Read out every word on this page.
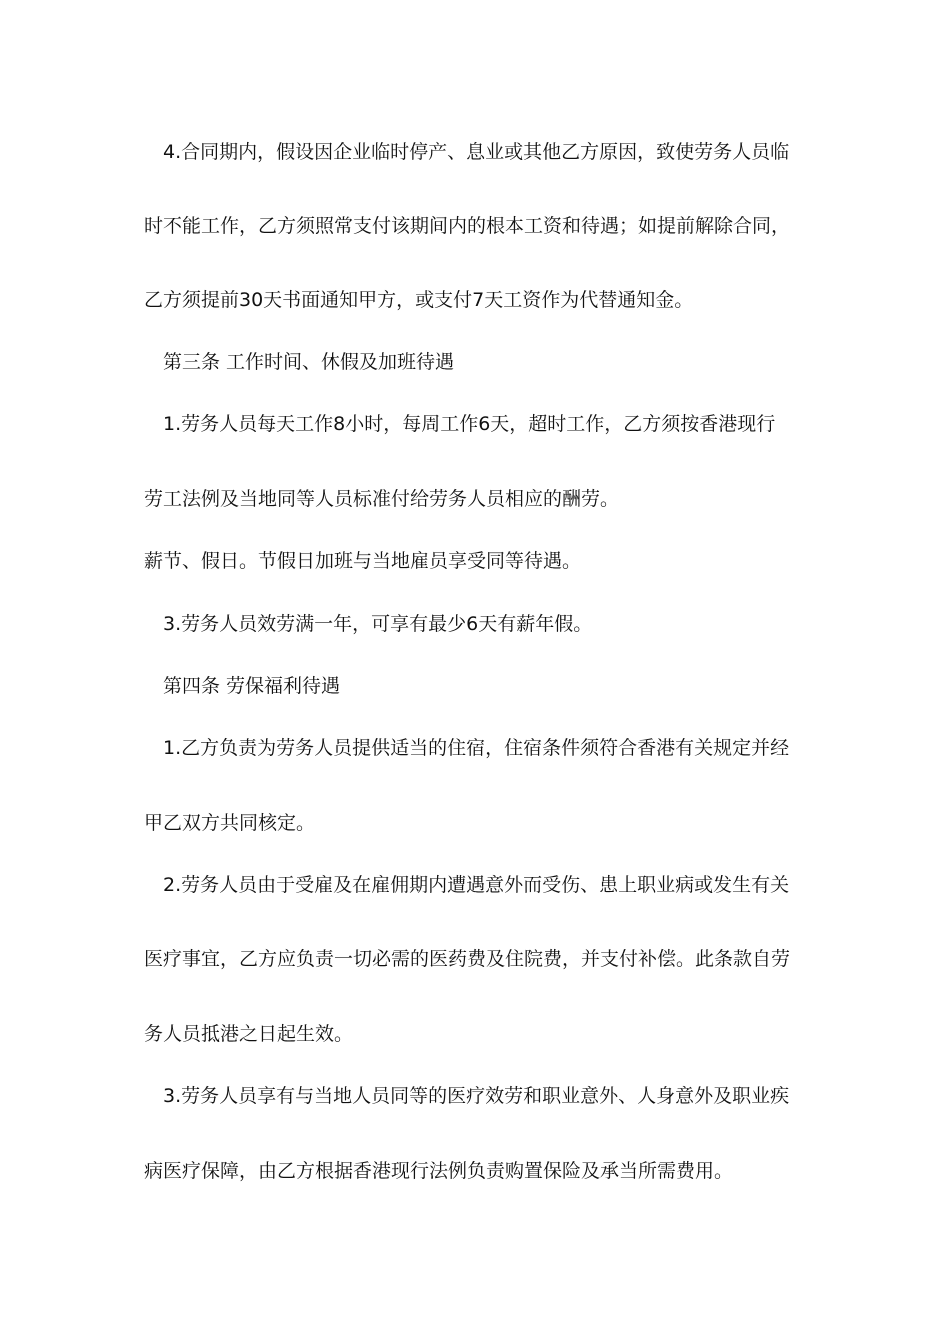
4.合同期内，假设因企业临时停产、息业或其他乙方原因，致使劳务人员临
时不能工作，乙方须照常支付该期间内的根本工资和待遇；如提前解除合同，
乙方须提前30天书面通知甲方，或支付7天工资作为代替通知金。
第三条 工作时间、休假及加班待遇
1.劳务人员每天工作8小时，每周工作6天，超时工作，乙方须按香港现行
劳工法例及当地同等人员标准付给劳务人员相应的酬劳。
薪节、假日。节假日加班与当地雇员享受同等待遇。
3.劳务人员效劳满一年，可享有最少6天有薪年假。
第四条 劳保福利待遇
1.乙方负责为劳务人员提供适当的住宿，住宿条件须符合香港有关规定并经
甲乙双方共同核定。
2.劳务人员由于受雇及在雇佣期内遭遇意外而受伤、患上职业病或发生有关
医疗事宜，乙方应负责一切必需的医药费及住院费，并支付补偿。此条款自劳
务人员抵港之日起生效。
3.劳务人员享有与当地人员同等的医疗效劳和职业意外、人身意外及职业疾
病医疗保障，由乙方根据香港现行法例负责购置保险及承当所需费用。
